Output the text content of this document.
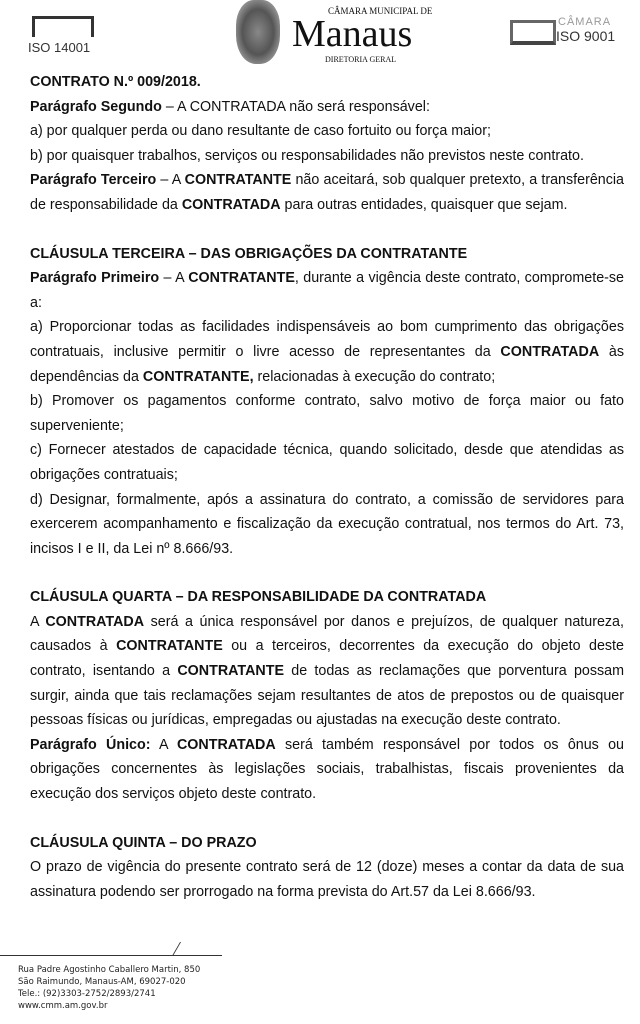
ISO 14001
CÂMARA MUNICIPAL DE
Manaus
DIRETORIA GERAL
CÂMARA
ISO 9001

CONTRATO N.º 009/2018.

Parágrafo Segundo – A CONTRATADA não será responsável:

a) por qualquer perda ou dano resultante de caso fortuito ou força maior;

b) por quaisquer trabalhos, serviços ou responsabilidades não previstos neste contrato.

Parágrafo Terceiro – A CONTRATANTE não aceitará, sob qualquer pretexto, a transferência de responsabilidade da CONTRATADA para outras entidades, quaisquer que sejam.

CLÁUSULA TERCEIRA – DAS OBRIGAÇÕES DA CONTRATANTE

Parágrafo Primeiro – A CONTRATANTE, durante a vigência deste contrato, compromete-se a:

a) Proporcionar todas as facilidades indispensáveis ao bom cumprimento das obrigações contratuais, inclusive permitir o livre acesso de representantes da CONTRATADA às dependências da CONTRATANTE, relacionadas à execução do contrato;

b) Promover os pagamentos conforme contrato, salvo motivo de força maior ou fato superveniente;

c) Fornecer atestados de capacidade técnica, quando solicitado, desde que atendidas as obrigações contratuais;

d) Designar, formalmente, após a assinatura do contrato, a comissão de servidores para exercerem acompanhamento e fiscalização da execução contratual, nos termos do Art. 73, incisos I e II, da Lei nº 8.666/93.

CLÁUSULA QUARTA – DA RESPONSABILIDADE DA CONTRATADA

A CONTRATADA será a única responsável por danos e prejuízos, de qualquer natureza, causados à CONTRATANTE ou a terceiros, decorrentes da execução do objeto deste contrato, isentando a CONTRATANTE de todas as reclamações que porventura possam surgir, ainda que tais reclamações sejam resultantes de atos de prepostos ou de quaisquer pessoas físicas ou jurídicas, empregadas ou ajustadas na execução deste contrato.

Parágrafo Único: A CONTRATADA será também responsável por todos os ônus ou obrigações concernentes às legislações sociais, trabalhistas, fiscais provenientes da execução dos serviços objeto deste contrato.

CLÁUSULA QUINTA – DO PRAZO

O prazo de vigência do presente contrato será de 12 (doze) meses a contar da data de sua assinatura podendo ser prorrogado na forma prevista do Art.57 da Lei 8.666/93.

Rua Padre Agostinho Caballero Martin, 850
São Raimundo, Manaus-AM, 69027-020
Tele.: (92)3303-2752/2893/2741
www.cmm.am.gov.br
